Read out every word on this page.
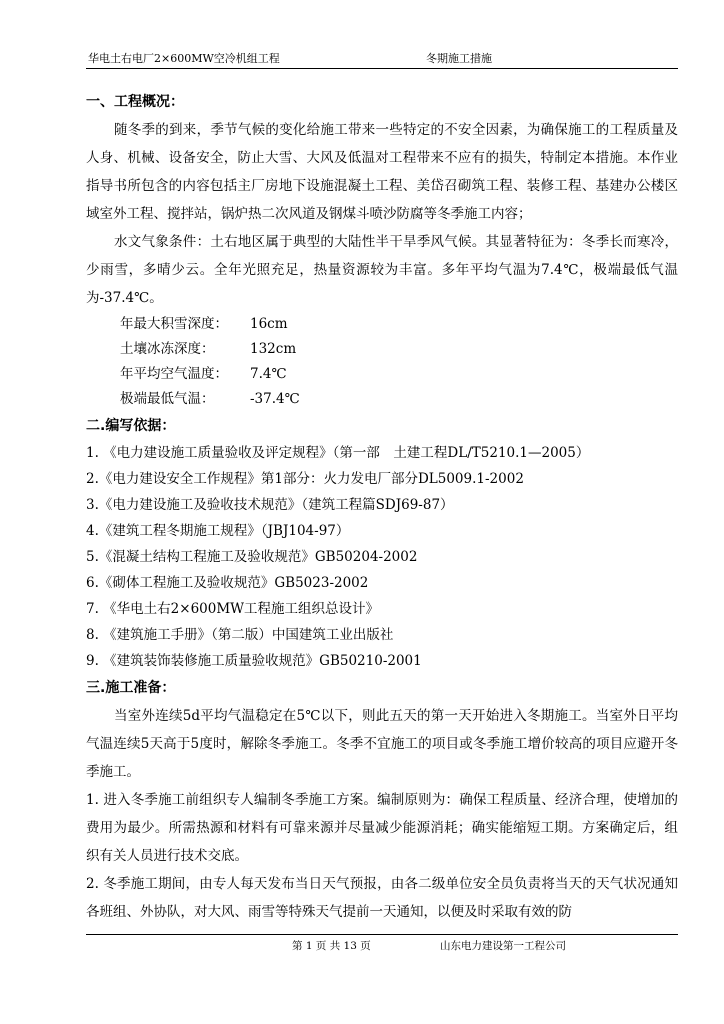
华电土右电厂2×600MW空冷机组工程	冬期施工措施
一、工程概况：
随冬季的到来，季节气候的变化给施工带来一些特定的不安全因素，为确保施工的工程质量及人身、机械、设备安全，防止大雪、大风及低温对工程带来不应有的损失，特制定本措施。本作业指导书所包含的内容包括主厂房地下设施混凝土工程、美岱召砌筑工程、装修工程、基建办公楼区域室外工程、搅拌站，锅炉热二次风道及钢煤斗喷沙防腐等冬季施工内容；
水文气象条件：土右地区属于典型的大陆性半干旱季风气候。其显著特征为：冬季长而寒冷，少雨雪，多晴少云。全年光照充足，热量资源较为丰富。多年平均气温为7.4℃，极端最低气温为-37.4℃。
年最大积雪深度： 16cm
土壤冰冻深度：	132cm
年平均空气温度： 7.4℃
极端最低气温：	-37.4℃
二.编写依据：
1. 《电力建设施工质量验收及评定规程》（第一部　土建工程DL/T5210.1—2005）
2.《电力建设安全工作规程》第1部分：火力发电厂部分DL5009.1-2002
3.《电力建设施工及验收技术规范》（建筑工程篇SDJ69-87）
4.《建筑工程冬期施工规程》（JBJ104-97）
5.《混凝土结构工程施工及验收规范》GB50204-2002
6.《砌体工程施工及验收规范》GB5023-2002
7. 《华电土右2×600MW工程施工组织总设计》
8. 《建筑施工手册》（第二版）中国建筑工业出版社
9. 《建筑装饰装修施工质量验收规范》GB50210-2001
三.施工准备：
当室外连续5d平均气温稳定在5℃以下，则此五天的第一天开始进入冬期施工。当室外日平均气温连续5天高于5度时，解除冬季施工。冬季不宜施工的项目或冬季施工增价较高的项目应避开冬季施工。
1. 进入冬季施工前组织专人编制冬季施工方案。编制原则为：确保工程质量、经济合理，使增加的费用为最少。所需热源和材料有可靠来源并尽量减少能源消耗；确实能缩短工期。方案确定后，组织有关人员进行技术交底。
2. 冬季施工期间，由专人每天发布当日天气预报，由各二级单位安全员负责将当天的天气状况通知各班组、外协队，对大风、雨雪等特殊天气提前一天通知，以便及时采取有效的防
第 1 页 共 13 页	山东电力建设第一工程公司
